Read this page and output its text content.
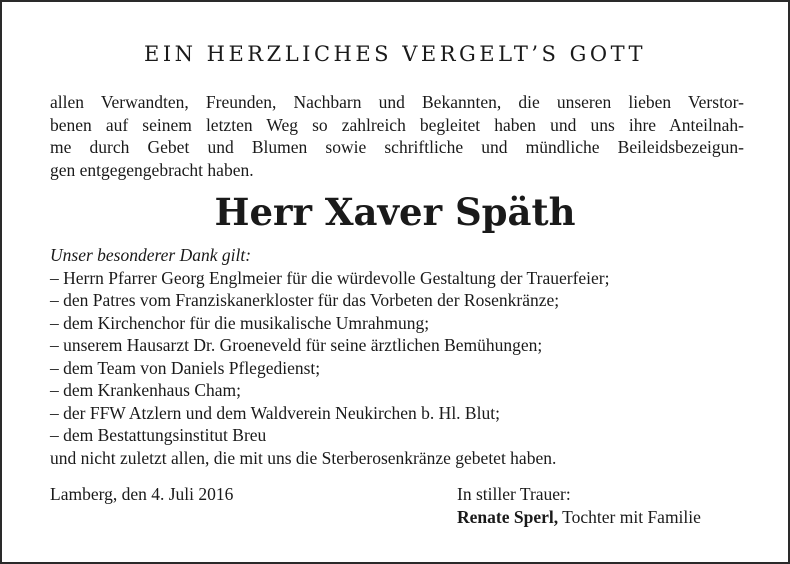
EIN HERZLICHES VERGELT’S GOTT
allen Verwandten, Freunden, Nachbarn und Bekannten, die unseren lieben Verstor-
benen auf seinem letzten Weg so zahlreich begleitet haben und uns ihre Anteilnah-
me durch Gebet und Blumen sowie schriftliche und mündliche Beileidsbezeigun-
gen entgegengebracht haben.
Herr Xaver Späth
Unser besonderer Dank gilt:
– Herrn Pfarrer Georg Englmeier für die würdevolle Gestaltung der Trauerfeier;
– den Patres vom Franziskanerkloster für das Vorbeten der Rosenkränze;
– dem Kirchenchor für die musikalische Umrahmung;
– unserem Hausarzt Dr. Groeneveld für seine ärztlichen Bemühungen;
– dem Team von Daniels Pflegedienst;
– dem Krankenhaus Cham;
– der FFW Atzlern und dem Waldverein Neukirchen b. Hl. Blut;
– dem Bestattungsinstitut Breu
und nicht zuletzt allen, die mit uns die Sterberosenkränze gebetet haben.
Lamberg, den 4. Juli 2016	In stiller Trauer:
Renate Sperl, Tochter mit Familie
